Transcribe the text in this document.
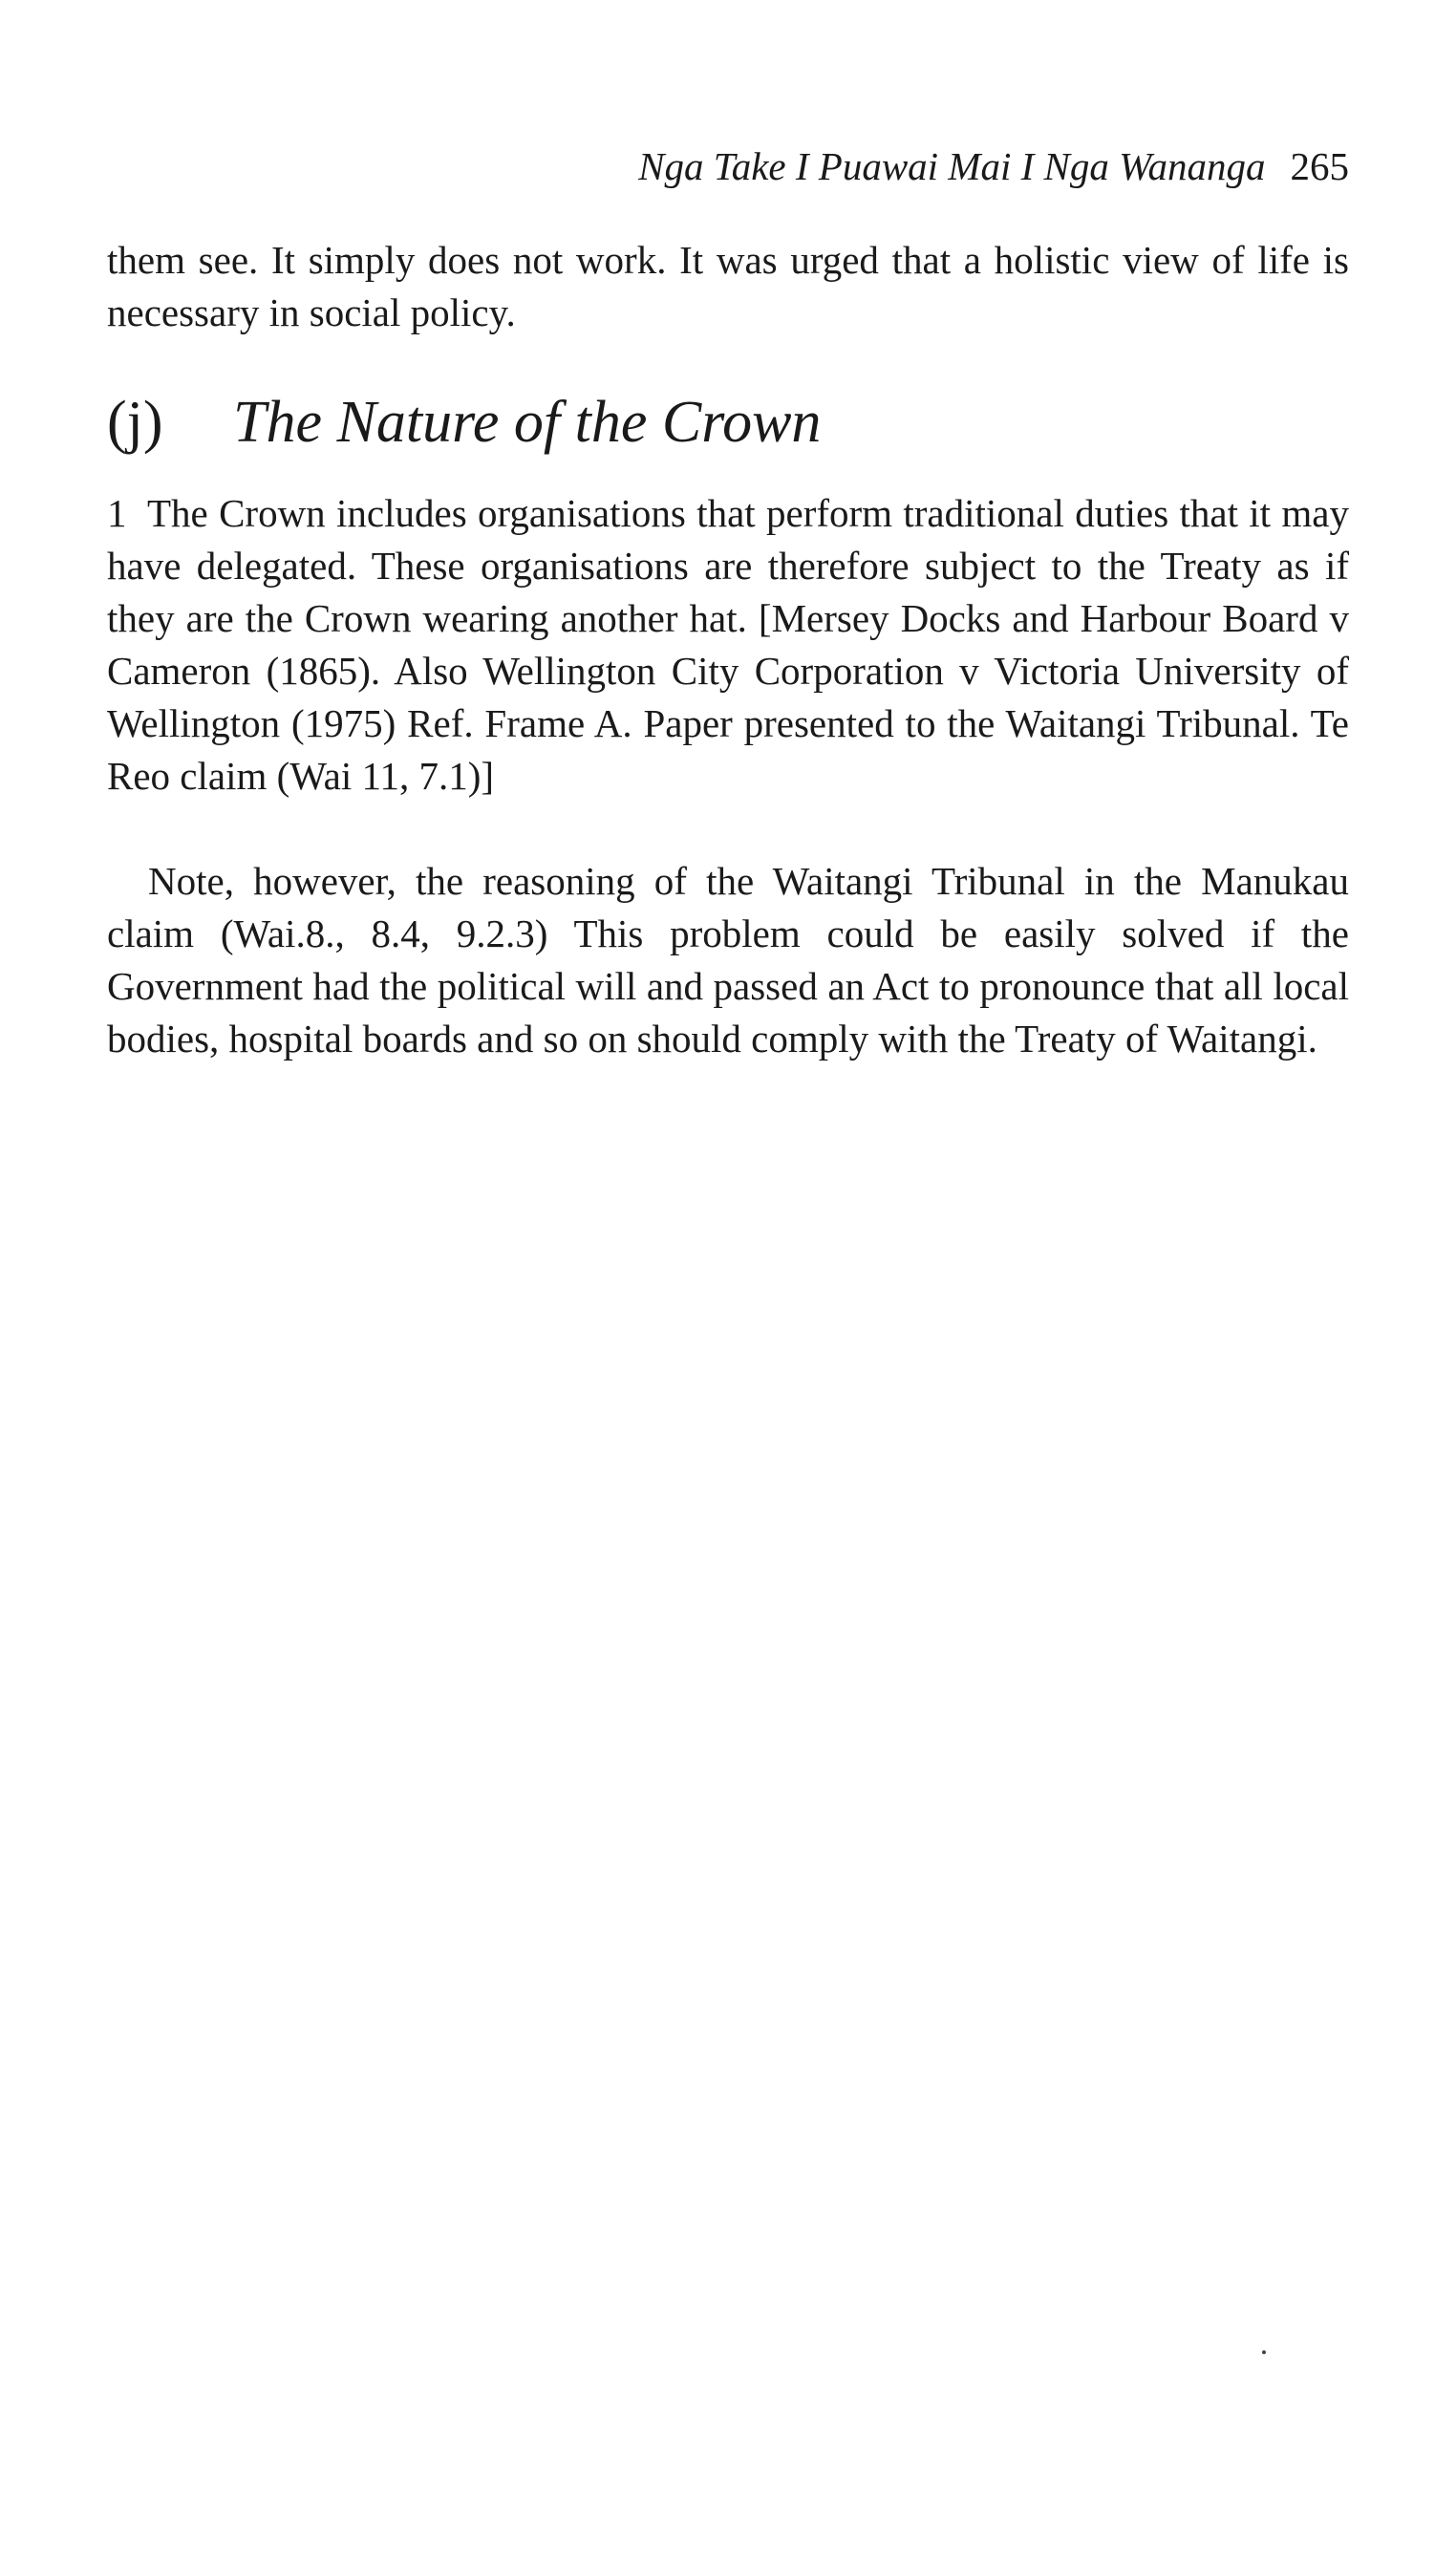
Nga Take I Puawai Mai I Nga Wananga 265

them see. It simply does not work. It was urged that a holistic view of life is necessary in social policy.

(j) The Nature of the Crown

1 The Crown includes organisations that perform traditional duties that it may have delegated. These organisations are therefore subject to the Treaty as if they are the Crown wearing another hat. [Mersey Docks and Harbour Board v Cameron (1865). Also Wellington City Corporation v Victoria University of Wellington (1975) Ref. Frame A. Paper presented to the Waitangi Tribunal. Te Reo claim (Wai 11, 7.1)]

Note, however, the reasoning of the Waitangi Tribunal in the Manukau claim (Wai.8., 8.4, 9.2.3) This problem could be easily solved if the Government had the political will and passed an Act to pronounce that all local bodies, hospital boards and so on should comply with the Treaty of Waitangi.
